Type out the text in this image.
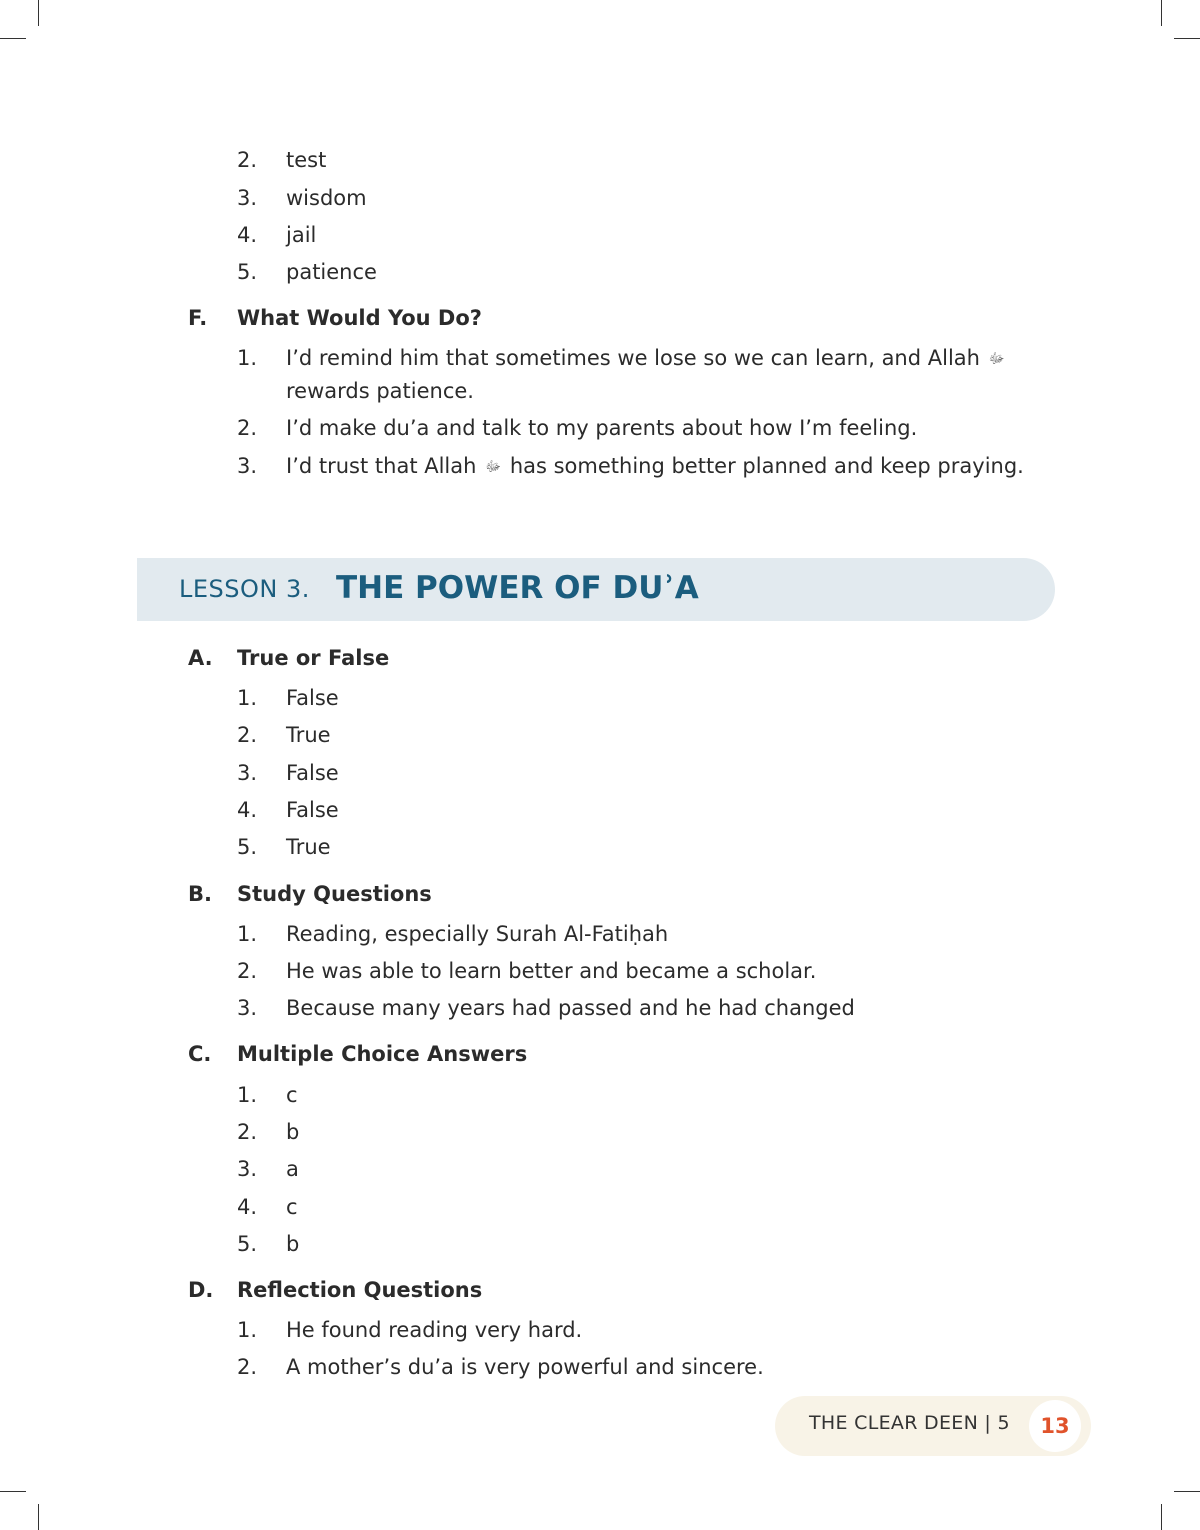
2. test
3. wisdom
4. jail
5. patience
F. What Would You Do?
1. I’d remind him that sometimes we lose so we can learn, and Allah ﷻ
rewards patience.
2. I’d make du’a and talk to my parents about how I’m feeling.
3. I’d trust that Allah ﷻ has something better planned and keep praying.
LESSON 3. THE POWER OF DUʾA
A. True or False
1. False
2. True
3. False
4. False
5. True
B. Study Questions
1. Reading, especially Surah Al-Fatiḥah
2. He was able to learn better and became a scholar.
3. Because many years had passed and he had changed
C. Multiple Choice Answers
1. c
2. b
3. a
4. c
5. b
D. Reflection Questions
1. He found reading very hard.
2. A mother’s du’a is very powerful and sincere.
THE CLEAR DEEN | 5	13
